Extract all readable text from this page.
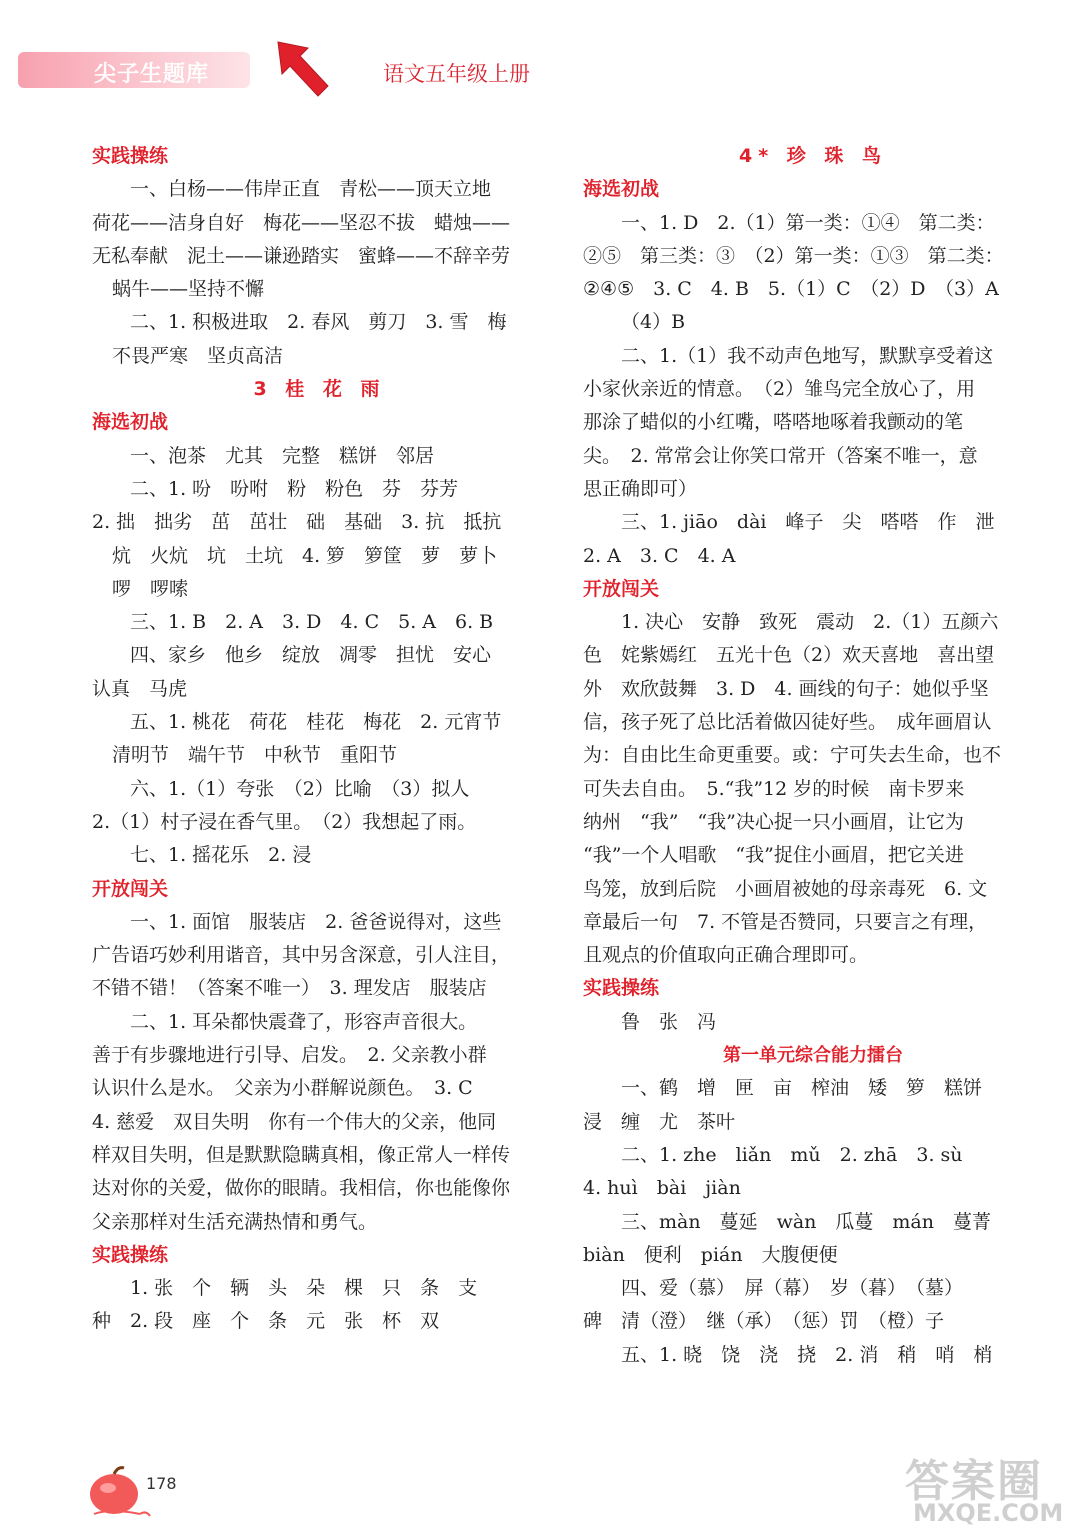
尖子生题库	语文五年级上册
实践操练
一、白杨——伟岸正直　青松——顶天立地
荷花——洁身自好　梅花——坚忍不拔　蜡烛——
无私奉献　泥土——谦逊踏实　蜜蜂——不辞辛劳
蜗牛——坚持不懈
二、1. 积极进取　2. 春风　剪刀　3. 雪　梅
不畏严寒　坚贞高洁
3 桂 花 雨
海选初战
一、泡茶　尤其　完整　糕饼　邻居
二、1. 吩　吩咐　粉　粉色　芬　芬芳
2. 拙　拙劣　茁　茁壮　础　基础　3. 抗　抵抗
炕　火炕　坑　土坑　4. 箩　箩筐　萝　萝卜
啰　啰嗦
三、1. B　2. A　3. D　4. C　5. A　6. B
四、家乡　他乡　绽放　凋零　担忧　安心
认真　马虎
五、1. 桃花　荷花　桂花　梅花　2. 元宵节
清明节　端午节　中秋节　重阳节
六、1.（1）夸张　（2）比喻　（3）拟人
2.（1）村子浸在香气里。　（2）我想起了雨。
七、1. 摇花乐　2. 浸
开放闯关
一、1. 面馆　服装店　2. 爸爸说得对，这些
广告语巧妙利用谐音，其中另含深意，引人注目，
不错不错！（答案不唯一）　3. 理发店　服装店
二、1. 耳朵都快震聋了，形容声音很大。
善于有步骤地进行引导、启发。　2. 父亲教小群
认识什么是水。　父亲为小群解说颜色。　3. C
4. 慈爱　双目失明　你有一个伟大的父亲，他同
样双目失明，但是默默隐瞒真相，像正常人一样传
达对你的关爱，做你的眼睛。我相信，你也能像你
父亲那样对生活充满热情和勇气。
实践操练
1. 张　个　辆　头　朵　棵　只　条　支
种　2. 段　座　个　条　元　张　杯　双
4* 珍 珠 鸟
海选初战
一、1. D　2.（1）第一类：①④　第二类：
②⑤　第三类：③　（2）第一类：①③　第二类：
②④⑤　3. C　4. B　5.（1）C　（2）D　（3）A
（4）B
二、1.（1）我不动声色地写，默默享受着这
小家伙亲近的情意。　（2）雏鸟完全放心了，用
那涂了蜡似的小红嘴，嗒嗒地啄着我颤动的笔
尖。　2. 常常会让你笑口常开（答案不唯一，意
思正确即可）
三、1. jiāo　dài　峰子　尖　嗒嗒　作　泄
2. A　3. C　4. A
开放闯关
1. 决心　安静　致死　震动　2.（1）五颜六
色　姹紫嫣红　五光十色（2）欢天喜地　喜出望
外　欢欣鼓舞　3. D　4. 画线的句子：她似乎坚
信，孩子死了总比活着做囚徒好些。　成年画眉认
为：自由比生命更重要。或：宁可失去生命，也不
可失去自由。　5.“我”12 岁的时候　南卡罗来
纳州　“我”　“我”决心捉一只小画眉，让它为
“我”一个人唱歌　“我”捉住小画眉，把它关进
鸟笼，放到后院　小画眉被她的母亲毒死　6. 文
章最后一句　7. 不管是否赞同，只要言之有理，
且观点的价值取向正确合理即可。
实践操练
鲁　张　冯
第一单元综合能力擂台
一、鹤　增　匣　亩　榨油　矮　箩　糕饼
浸　缠　尤　茶叶
二、1. zhe　liǎn　mǔ　2. zhā　3. sù
4. huì　bài　jiàn
三、màn　蔓延　wàn　瓜蔓　mán　蔓菁
biàn　便利　pián　大腹便便
四、爱（慕）　屏（幕）　岁（暮）　（墓）
碑　清（澄）　继（承）　（惩）罚　（橙）子
五、1. 晓　饶　浇　挠　2. 消　稍　哨　梢
178	答案圈
MXQE.COM
